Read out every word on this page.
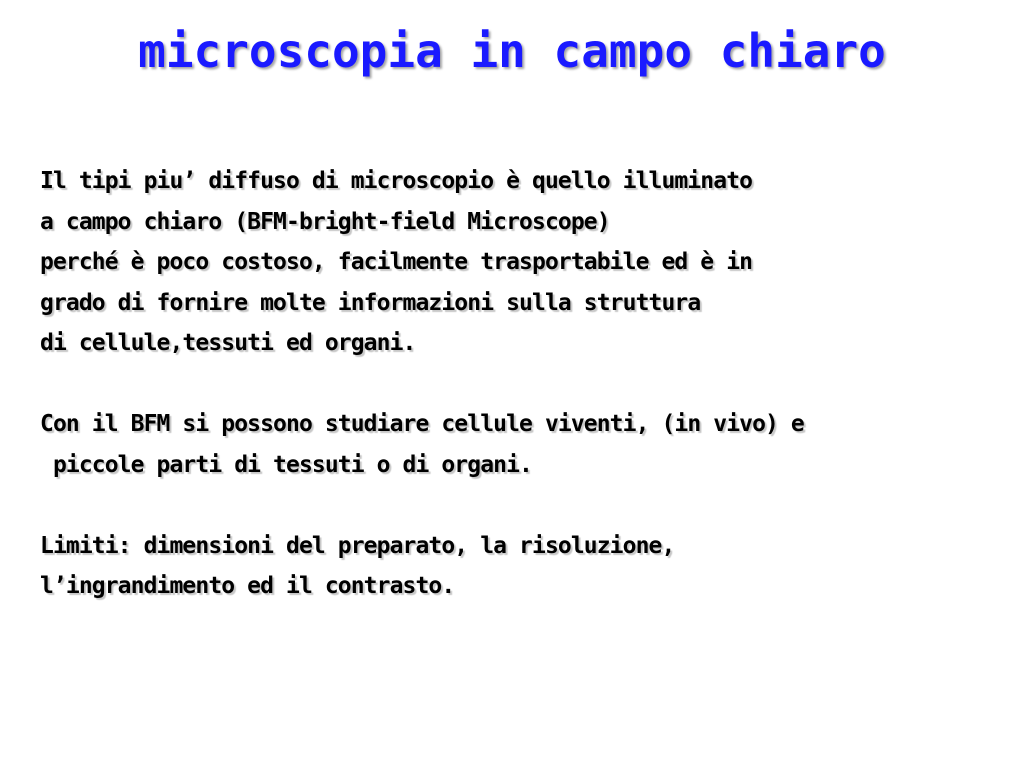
microscopia in campo chiaro
Il tipi piu’ diffuso di microscopio è quello illuminato
a campo chiaro (BFM-bright-field Microscope)
perché è poco costoso, facilmente trasportabile ed è in
grado di fornire molte informazioni sulla struttura
di cellule,tessuti ed organi.
Con il BFM si possono studiare cellule viventi, (in vivo) e
piccole parti di tessuti o di organi.
Limiti: dimensioni del preparato, la risoluzione,
l’ingrandimento ed il contrasto.
